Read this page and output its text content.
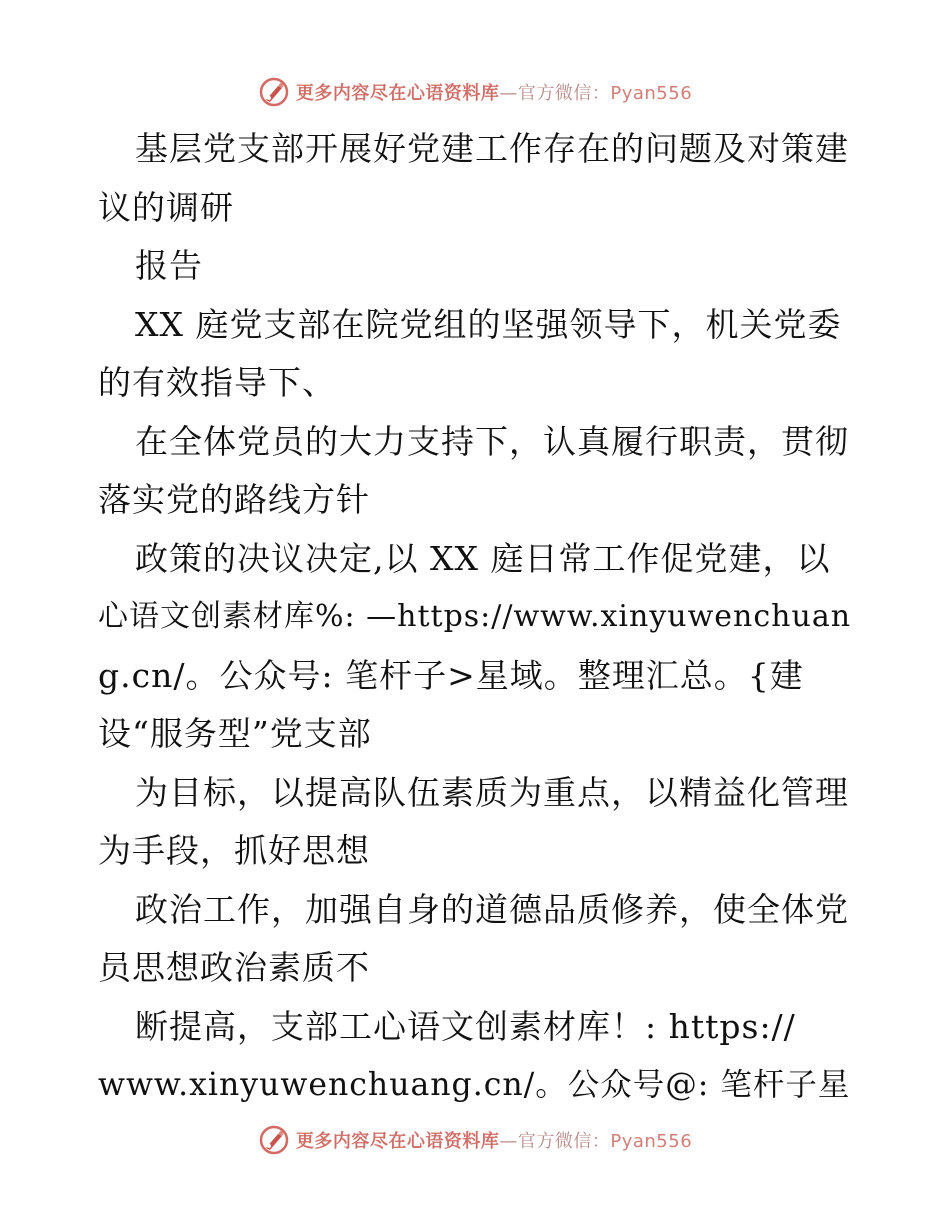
更多内容尽在心语资料库—官方微信：Pyan556
基层党支部开展好党建工作存在的问题及对策建
议的调研
报告
XX 庭党支部在院党组的坚强领导下，机关党委
的有效指导下、
在全体党员的大力支持下，认真履行职责，贯彻
落实党的路线方针
政策的决议决定,以 XX 庭日常工作促党建，以
心语文创素材库%: —https://www.xinyuwenchuan
g.cn/。公众号: 笔杆子>星域。整理汇总。{建
设“服务型”党支部
为目标，以提高队伍素质为重点，以精益化管理
为手段，抓好思想
政治工作，加强自身的道德品质修养，使全体党
员思想政治素质不
断提高，支部工心语文创素材库！: https://
www.xinyuwenchuang.cn/。公众号@: 笔杆子星
更多内容尽在心语资料库—官方微信：Pyan556
